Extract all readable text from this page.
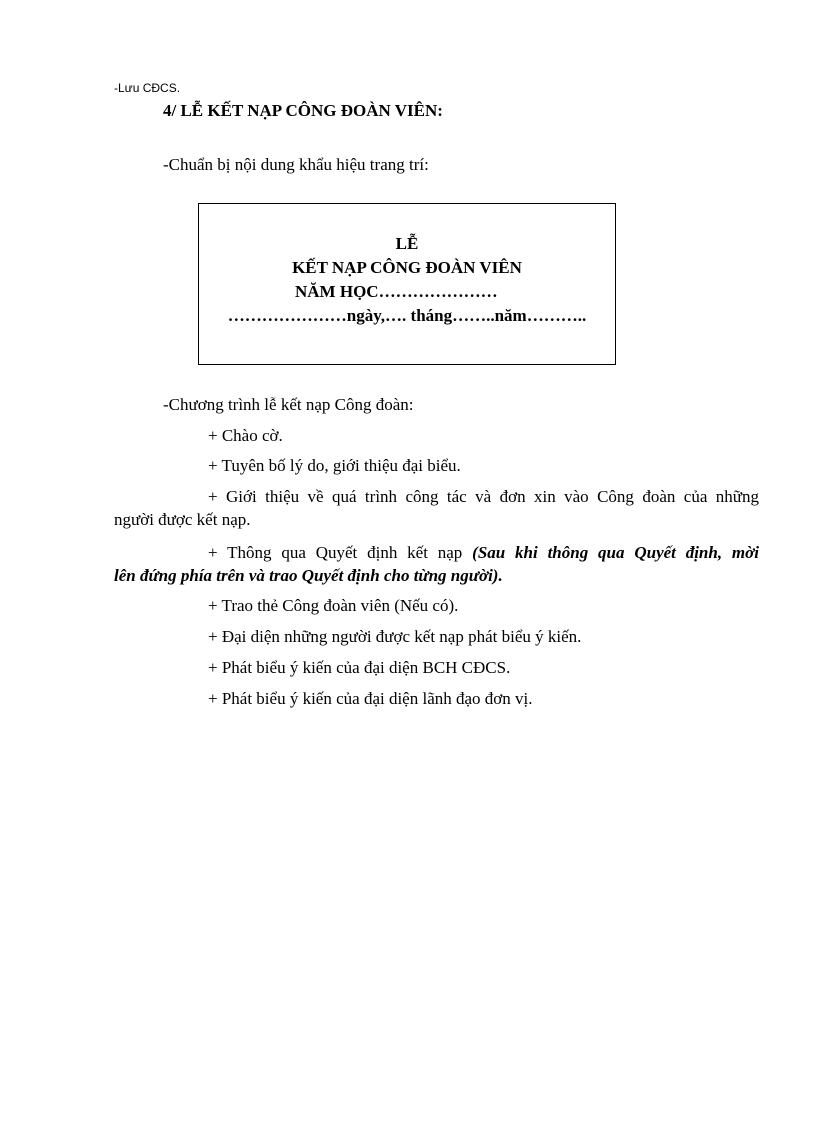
-Lưu CĐCS.
4/ LỄ KẾT NẠP CÔNG ĐOÀN VIÊN:
-Chuẩn bị nội dung khẩu hiệu trang trí:
LỄ
KẾT NẠP CÔNG ĐOÀN VIÊN
NĂM HỌC…………………
…………………ngày,…. tháng……..năm………..
-Chương trình lễ kết nạp Công đoàn:
+ Chào cờ.
+ Tuyên bố lý do, giới thiệu đại biểu.
+ Giới thiệu về quá trình công tác và đơn xin vào Công đoàn của những
người được kết nạp.
+ Thông qua Quyết định kết nạp (Sau khi thông qua Quyết định, mời
lên đứng phía trên và trao Quyết định cho từng người).
+ Trao thẻ Công đoàn viên (Nếu có).
+ Đại diện những người được kết nạp phát biểu ý kiến.
+ Phát biểu ý kiến của đại diện BCH CĐCS.
+ Phát biểu ý kiến của đại diện lãnh đạo đơn vị.
